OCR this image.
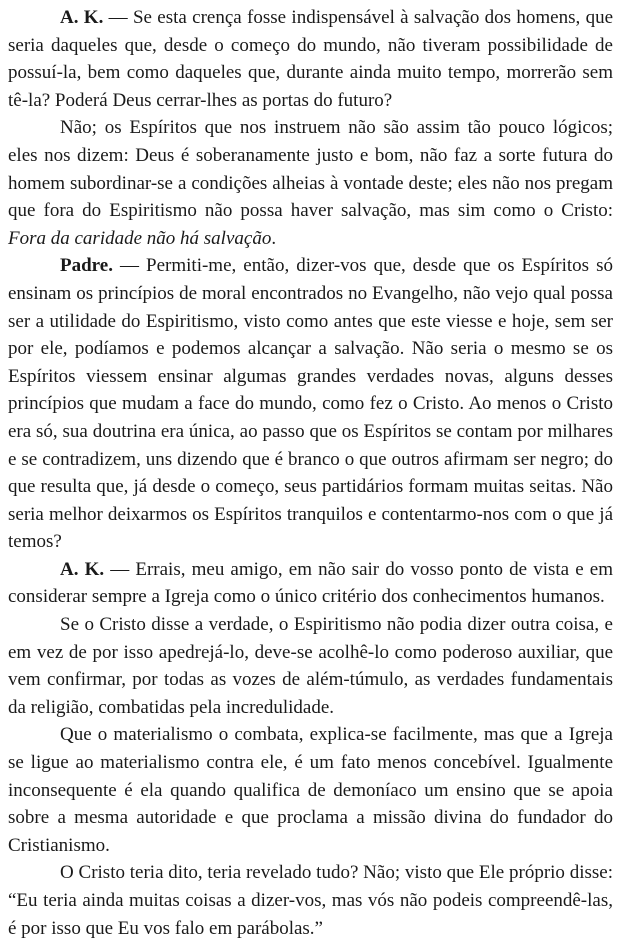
A. K. — Se esta crença fosse indispensável à salvação dos homens, que seria daqueles que, desde o começo do mundo, não tiveram possibilidade de possuí-la, bem como daqueles que, durante ainda muito tempo, morrerão sem tê-la? Poderá Deus cerrar-lhes as portas do futuro?

Não; os Espíritos que nos instruem não são assim tão pouco lógicos; eles nos dizem: Deus é soberanamente justo e bom, não faz a sorte futura do homem subordinar-se a condições alheias à vontade deste; eles não nos pregam que fora do Espiritismo não possa haver salvação, mas sim como o Cristo: Fora da caridade não há salvação.

Padre. — Permiti-me, então, dizer-vos que, desde que os Espíritos só ensinam os princípios de moral encontrados no Evangelho, não vejo qual possa ser a utilidade do Espiritismo, visto como antes que este viesse e hoje, sem ser por ele, podíamos e podemos alcançar a salvação. Não seria o mesmo se os Espíritos viessem ensinar algumas grandes verdades novas, alguns desses princípios que mudam a face do mundo, como fez o Cristo. Ao menos o Cristo era só, sua doutrina era única, ao passo que os Espíritos se contam por milhares e se contradizem, uns dizendo que é branco o que outros afirmam ser negro; do que resulta que, já desde o começo, seus partidários formam muitas seitas. Não seria melhor deixarmos os Espíritos tranquilos e contentarmo-nos com o que já temos?

A. K. — Errais, meu amigo, em não sair do vosso ponto de vista e em considerar sempre a Igreja como o único critério dos conhecimentos humanos.

Se o Cristo disse a verdade, o Espiritismo não podia dizer outra coisa, e em vez de por isso apedrejá-lo, deve-se acolhê-lo como poderoso auxiliar, que vem confirmar, por todas as vozes de além-túmulo, as verdades fundamentais da religião, combatidas pela incredulidade.

Que o materialismo o combata, explica-se facilmente, mas que a Igreja se ligue ao materialismo contra ele, é um fato menos concebível. Igualmente inconsequente é ela quando qualifica de demoníaco um ensino que se apoia sobre a mesma autoridade e que proclama a missão divina do fundador do Cristianismo.

O Cristo teria dito, teria revelado tudo? Não; visto que Ele próprio disse: “Eu teria ainda muitas coisas a dizer-vos, mas vós não podeis compreendê-las, é por isso que Eu vos falo em parábolas.”
